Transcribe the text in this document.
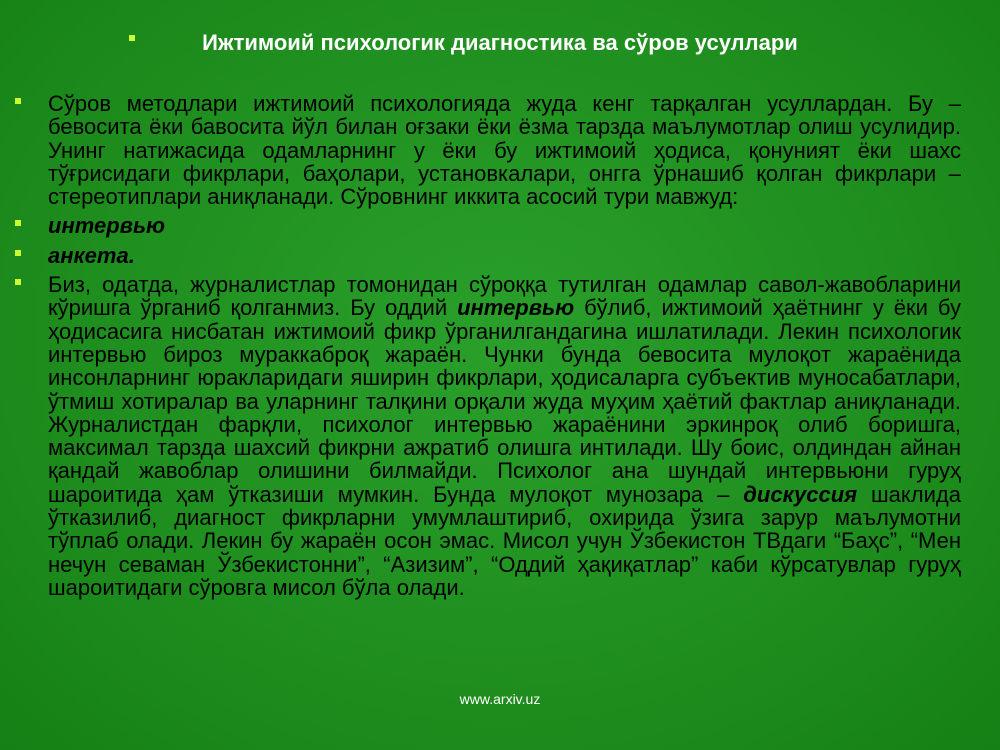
Ижтимоий психологик диагностика ва сўров усуллари
Сўров методлари ижтимоий психологияда жуда кенг тарқалган усуллардан. Бу – бевосита ёки бавосита йўл билан оғзаки ёки ёзма тарзда маълумотлар олиш усулидир. Унинг натижасида одамларнинг у ёки бу ижтимоий ҳодиса, қонуният ёки шахс тўғрисидаги фикрлари, баҳолари, установкалари, онгга ўрнашиб қолган фикрлари – стереотиплари аниқланади. Сўровнинг иккита асосий тури мавжуд:
интервью
анкета.
Биз, одатда, журналистлар томонидан сўроққа тутилган одамлар савол-жавобларини кўришга ўрганиб қолганмиз. Бу оддий интервью бўлиб, ижтимоий ҳаётнинг у ёки бу ҳодисасига нисбатан ижтимоий фикр ўрганилгандагина ишлатилади. Лекин психологик интервью бироз мураккаброқ жараён. Чунки бунда бевосита мулоқот жараёнида инсонларнинг юракларидаги яширин фикрлари, ҳодисаларга субъектив муносабатлари, ўтмиш хотиралар ва уларнинг талқини орқали жуда муҳим ҳаётий фактлар аниқланади. Журналистдан фарқли, психолог интервью жараёнини эркинроқ олиб боришга, максимал тарзда шахсий фикрни ажратиб олишга интилади. Шу боис, олдиндан айнан қандай жавоблар олишини билмайди. Психолог ана шундай интервьюни гуруҳ шароитида ҳам ўтказиши мумкин. Бунда мулоқот мунозара – дискуссия шаклида ўтказилиб, диагност фикрларни умумлаштириб, охирида ўзига зарур маълумотни тўплаб олади. Лекин бу жараён осон эмас. Мисол учун Ўзбекистон ТВдаги “Баҳс”, “Мен нечун севаман Ўзбекистонни”, “Азизим”, “Оддий ҳақиқатлар” каби кўрсатувлар гуруҳ шароитидаги сўровга мисол бўла олади.
www.arxiv.uz
